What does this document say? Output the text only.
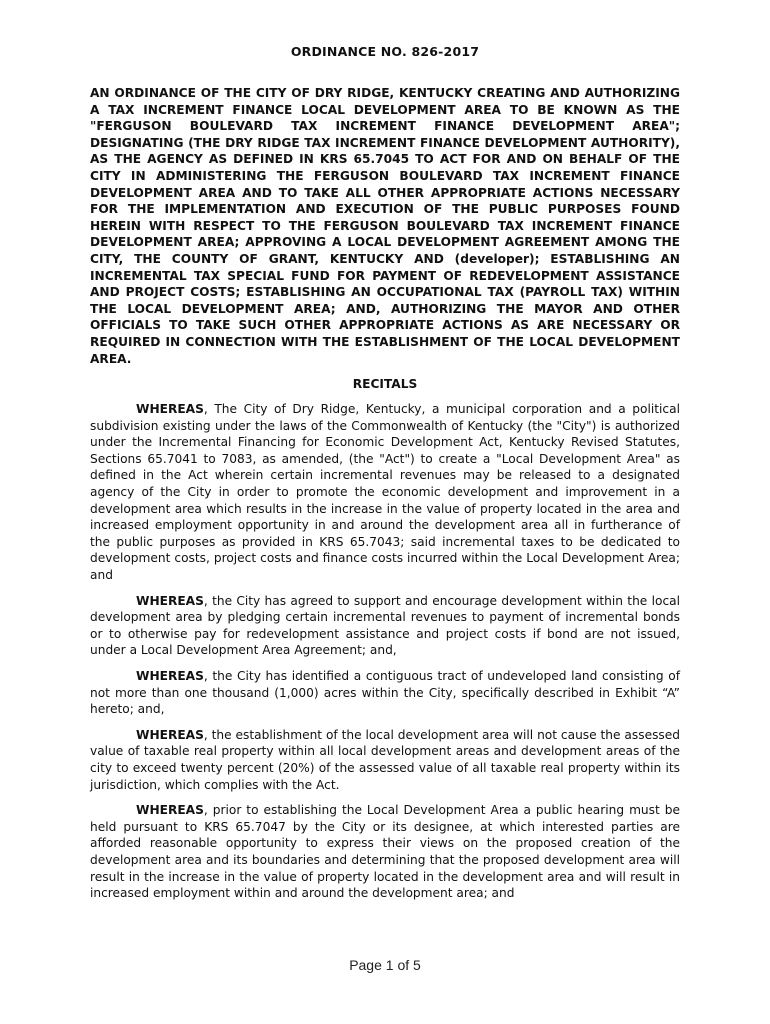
ORDINANCE NO. 826-2017

AN ORDINANCE OF THE CITY OF DRY RIDGE, KENTUCKY CREATING AND AUTHORIZING A TAX INCREMENT FINANCE LOCAL DEVELOPMENT AREA TO BE KNOWN AS THE "FERGUSON BOULEVARD TAX INCREMENT FINANCE DEVELOPMENT AREA"; DESIGNATING (THE DRY RIDGE TAX INCREMENT FINANCE DEVELOPMENT AUTHORITY), AS THE AGENCY AS DEFINED IN KRS 65.7045 TO ACT FOR AND ON BEHALF OF THE CITY IN ADMINISTERING THE FERGUSON BOULEVARD TAX INCREMENT FINANCE DEVELOPMENT AREA AND TO TAKE ALL OTHER APPROPRIATE ACTIONS NECESSARY FOR THE IMPLEMENTATION AND EXECUTION OF THE PUBLIC PURPOSES FOUND HEREIN WITH RESPECT TO THE FERGUSON BOULEVARD TAX INCREMENT FINANCE DEVELOPMENT AREA; APPROVING A LOCAL DEVELOPMENT AGREEMENT AMONG THE CITY, THE COUNTY OF GRANT, KENTUCKY AND (developer); ESTABLISHING AN INCREMENTAL TAX SPECIAL FUND FOR PAYMENT OF REDEVELOPMENT ASSISTANCE AND PROJECT COSTS; ESTABLISHING AN OCCUPATIONAL TAX (PAYROLL TAX) WITHIN THE LOCAL DEVELOPMENT AREA; AND, AUTHORIZING THE MAYOR AND OTHER OFFICIALS TO TAKE SUCH OTHER APPROPRIATE ACTIONS AS ARE NECESSARY OR REQUIRED IN CONNECTION WITH THE ESTABLISHMENT OF THE LOCAL DEVELOPMENT AREA.

RECITALS

WHEREAS, The City of Dry Ridge, Kentucky, a municipal corporation and a political subdivision existing under the laws of the Commonwealth of Kentucky (the "City") is authorized under the Incremental Financing for Economic Development Act, Kentucky Revised Statutes, Sections 65.7041 to 7083, as amended, (the "Act") to create a "Local Development Area" as defined in the Act wherein certain incremental revenues may be released to a designated agency of the City in order to promote the economic development and improvement in a development area which results in the increase in the value of property located in the area and increased employment opportunity in and around the development area all in furtherance of the public purposes as provided in KRS 65.7043; said incremental taxes to be dedicated to development costs, project costs and finance costs incurred within the Local Development Area; and

WHEREAS, the City has agreed to support and encourage development within the local development area by pledging certain incremental revenues to payment of incremental bonds or to otherwise pay for redevelopment assistance and project costs if bond are not issued, under a Local Development Area Agreement; and,

WHEREAS, the City has identified a contiguous tract of undeveloped land consisting of not more than one thousand (1,000) acres within the City, specifically described in Exhibit “A” hereto; and,

WHEREAS, the establishment of the local development area will not cause the assessed value of taxable real property within all local development areas and development areas of the city to exceed twenty percent (20%) of the assessed value of all taxable real property within its jurisdiction, which complies with the Act.

WHEREAS, prior to establishing the Local Development Area a public hearing must be held pursuant to KRS 65.7047 by the City or its designee, at which interested parties are afforded reasonable opportunity to express their views on the proposed creation of the development area and its boundaries and determining that the proposed development area will result in the increase in the value of property located in the development area and will result in increased employment within and around the development area; and

Page 1 of 5
